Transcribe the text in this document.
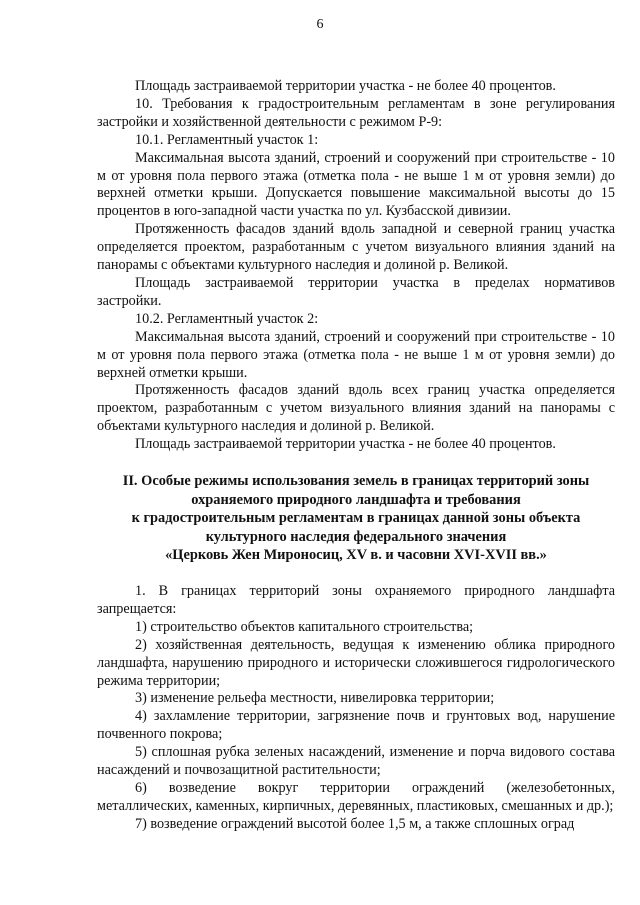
6

Площадь застраиваемой территории участка - не более 40 процентов.

10. Требования к градостроительным регламентам в зоне регулирования застройки и хозяйственной деятельности с режимом Р-9:

10.1. Регламентный участок 1:

Максимальная высота зданий, строений и сооружений при строительстве - 10 м от уровня пола первого этажа (отметка пола - не выше 1 м от уровня земли) до верхней отметки крыши. Допускается повышение максимальной высоты до 15 процентов в юго-западной части участка по ул. Кузбасской дивизии.

Протяженность фасадов зданий вдоль западной и северной границ участка определяется проектом, разработанным с учетом визуального влияния зданий на панорамы с объектами культурного наследия и долиной р. Великой.

Площадь застраиваемой территории участка в пределах нормативов застройки.

10.2. Регламентный участок 2:

Максимальная высота зданий, строений и сооружений при строительстве - 10 м от уровня пола первого этажа (отметка пола - не выше 1 м от уровня земли) до верхней отметки крыши.

Протяженность фасадов зданий вдоль всех границ участка определяется проектом, разработанным с учетом визуального влияния зданий на панорамы с объектами культурного наследия и долиной р. Великой.

Площадь застраиваемой территории участка - не более 40 процентов.

II. Особые режимы использования земель в границах территорий зоны

охраняемого природного ландшафта и требования

к градостроительным регламентам в границах данной зоны объекта

культурного наследия федерального значения

«Церковь Жен Мироносиц, XV в. и часовни XVI-XVII вв.»

1. В границах территорий зоны охраняемого природного ландшафта запрещается:

1) строительство объектов капитального строительства;

2) хозяйственная деятельность, ведущая к изменению облика природного ландшафта, нарушению природного и исторически сложившегося гидрологического режима территории;

3) изменение рельефа местности, нивелировка территории;

4) захламление территории, загрязнение почв и грунтовых вод, нарушение почвенного покрова;

5) сплошная рубка зеленых насаждений, изменение и порча видового состава насаждений и почвозащитной растительности;

6) возведение вокруг территории ограждений (железобетонных, металлических, каменных, кирпичных, деревянных, пластиковых, смешанных и др.);

7) возведение ограждений высотой более 1,5 м, а также сплошных оград
